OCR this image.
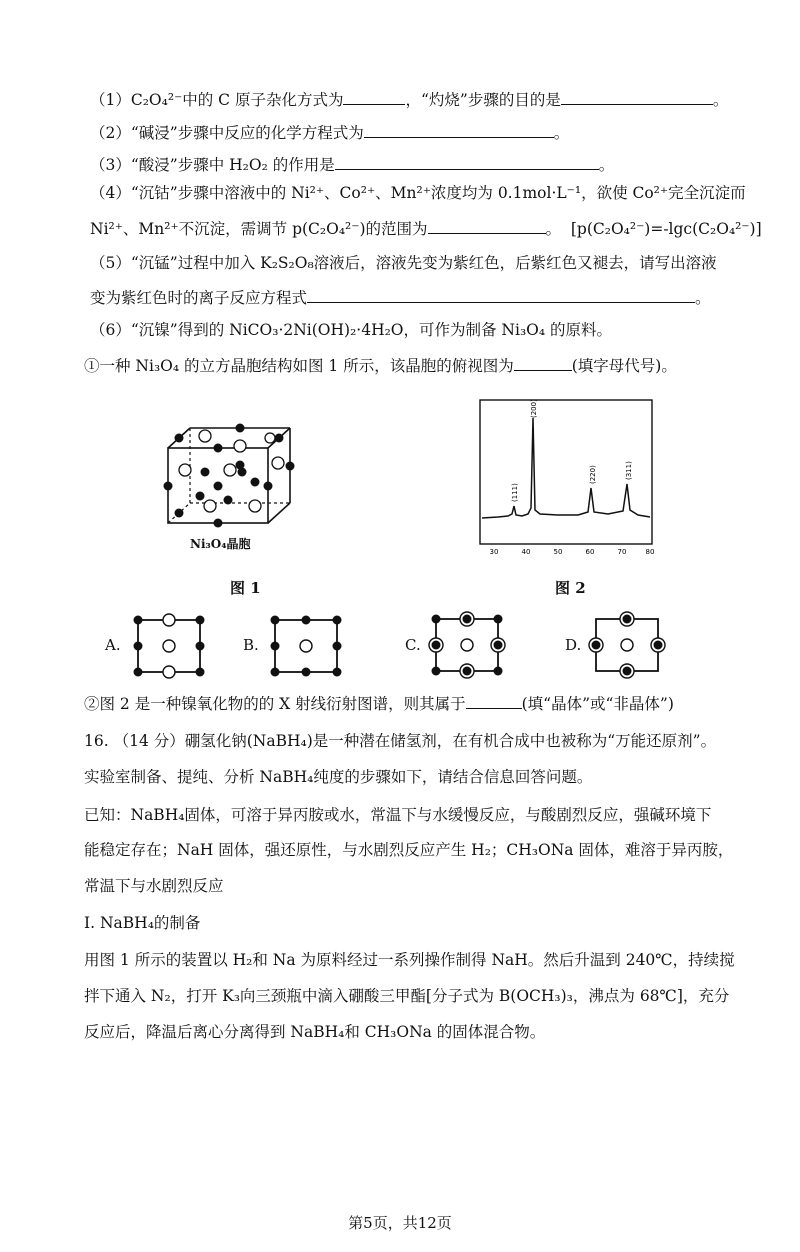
（1）C₂O₄²⁻中的 C 原子杂化方式为	，“灼烧”步骤的目的是	。
（2）“碱浸”步骤中反应的化学方程式为	。
（3）“酸浸”步骤中 H₂O₂ 的作用是	。
（4）“沉钴”步骤中溶液中的 Ni²⁺、Co²⁺、Mn²⁺浓度均为 0.1mol·L⁻¹，欲使 Co²⁺完全沉淀而
Ni²⁺、Mn²⁺不沉淀，需调节 p(C₂O₄²⁻)的范围为	。 [p(C₂O₄²⁻)=-lgc(C₂O₄²⁻)]
（5）“沉锰”过程中加入 K₂S₂O₈溶液后，溶液先变为紫红色，后紫红色又褪去，请写出溶液
变为紫红色时的离子反应方程式	。
（6）“沉镍”得到的 NiCO₃·2Ni(OH)₂·4H₂O，可作为制备 Ni₃O₄ 的原料。
①一种 Ni₃O₄ 的立方晶胞结构如图 1 所示，该晶胞的俯视图为	(填字母代号)。
Ni₃O₄晶胞
(111)
(200)
(220)	(311)
30	40	50	60	70	80
图 1	图 2
A.	B.	C.	D.
②图 2 是一种镍氧化物的的 X 射线衍射图谱，则其属于	(填“晶体”或“非晶体”)
16. （14 分）硼氢化钠(NaBH₄)是一种潜在储氢剂，在有机合成中也被称为“万能还原剂”。
实验室制备、提纯、分析 NaBH₄纯度的步骤如下，请结合信息回答问题。
已知：NaBH₄固体，可溶于异丙胺或水，常温下与水缓慢反应，与酸剧烈反应，强碱环境下
能稳定存在；NaH 固体，强还原性，与水剧烈反应产生 H₂；CH₃ONa 固体，难溶于异丙胺，
常温下与水剧烈反应
I. NaBH₄的制备
用图 1 所示的装置以 H₂和 Na 为原料经过一系列操作制得 NaH。然后升温到 240℃，持续搅
拌下通入 N₂，打开 K₃向三颈瓶中滴入硼酸三甲酯[分子式为 B(OCH₃)₃，沸点为 68℃]，充分
反应后，降温后离心分离得到 NaBH₄和 CH₃ONa 的固体混合物。
第5页，共12页
